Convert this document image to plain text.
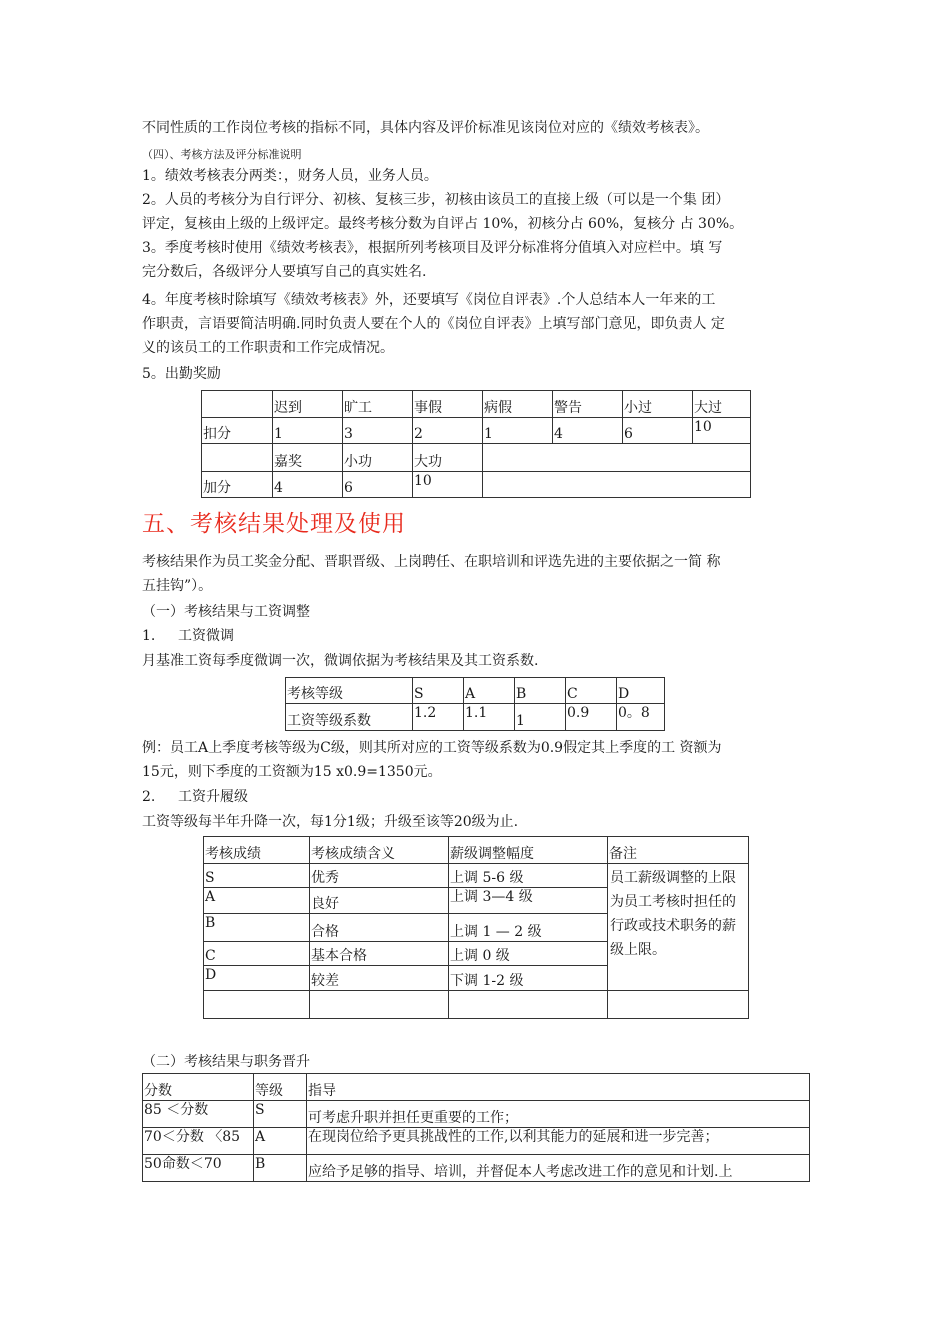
不同性质的工作岗位考核的指标不同，具体内容及评价标准见该岗位对应的《绩效考核表》。
（四）、考核方法及评分标准说明
1。绩效考核表分两类：，财务人员，业务人员。
2。人员的考核分为自行评分、初核、复核三步，初核由该员工的直接上级（可以是一个集 团）
评定，复核由上级的上级评定。最终考核分数为自评占 10%，初核分占 60%，复核分 占 30%。
3。季度考核时使用《绩效考核表》，根据所列考核项目及评分标准将分值填入对应栏中。填 写
完分数后，各级评分人要填写自己的真实姓名.
4。年度考核时除填写《绩效考核表》外，还要填写《岗位自评表》.个人总结本人一年来的工
作职责，言语要简洁明确.同时负责人要在个人的《岗位自评表》上填写部门意见，即负责人 定
义的该员工的工作职责和工作完成情况。
5。出勤奖励
	迟到	旷工	事假	病假	警告	小过	大过
扣分	1	3	2	1	4	6	10
	嘉奖	小功	大功				
加分	4	6	10				
五、考核结果处理及使用
考核结果作为员工奖金分配、晋职晋级、上岗聘任、在职培训和评选先进的主要依据之一简 称
五挂钩”）。
（一）考核结果与工资调整
1. 工资微调
月基准工资每季度微调一次，微调依据为考核结果及其工资系数.
考核等级	S	A	B	C	D
工资等级系数	1.2	1.1	1	0.9	0。8
例：员工A上季度考核等级为C级，则其所对应的工资等级系数为0.9假定其上季度的工 资额为
15元，则下季度的工资额为15 x0.9=1350元。
2. 工资升履级
工资等级每半年升降一次，每1分1级；升级至该等20级为止.
考核成绩	考核成绩含义	薪级调整幅度	备注
S	优秀	上调 5-6 级	员工薪级调整的上限为员工考核时担任的行政或技术职务的薪级上限。
A	良好	上调 3—4 级	
B	合格	上调 1 — 2 级	
C	基本合格	上调 0 级	
D	较差	下调 1-2 级	

（二）考核结果与职务晋升
分数	等级	指导
85 ＜分数	S	可考虑升职并担任更重要的工作；
70＜分数 〈85	A	在现岗位给予更具挑战性的工作,以利其能力的延展和进一步完善；
50命数＜70	B	应给予足够的指导、培训，并督促本人考虑改进工作的意见和计划.上
